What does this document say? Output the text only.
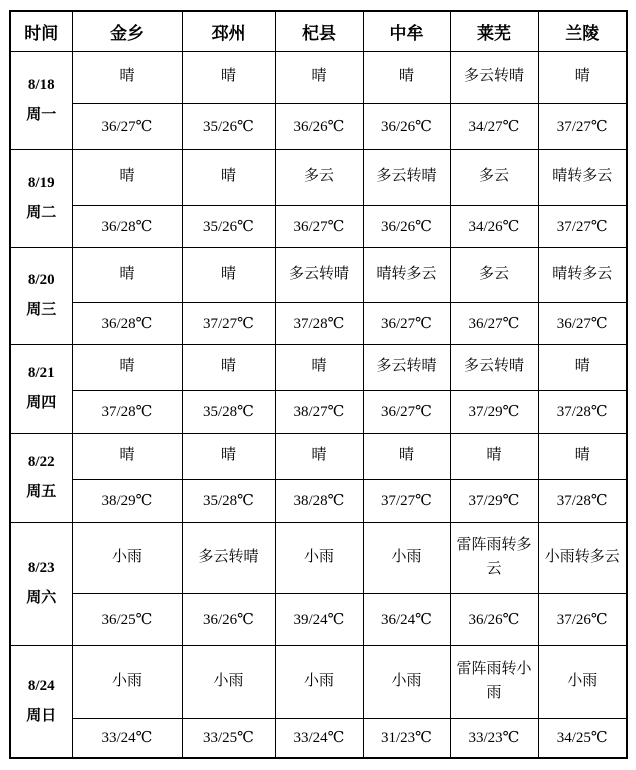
时间	金乡	邳州	杞县	中牟	莱芜	兰陵

8/18
周一	晴	晴	晴	晴	多云转晴	晴
	36/27℃	35/26℃	36/26℃	36/26℃	34/27℃	37/27℃

8/19
周二	晴	晴	多云	多云转晴	多云	晴转多云
	36/28℃	35/26℃	36/27℃	36/26℃	34/26℃	37/27℃

8/20
周三	晴	晴	多云转晴	晴转多云	多云	晴转多云
	36/28℃	37/27℃	37/28℃	36/27℃	36/27℃	36/27℃

8/21
周四	晴	晴	晴	多云转晴	多云转晴	晴
	37/28℃	35/28℃	38/27℃	36/27℃	37/29℃	37/28℃

8/22
周五	晴	晴	晴	晴	晴	晴
	38/29℃	35/28℃	38/28℃	37/27℃	37/29℃	37/28℃

8/23
周六	小雨	多云转晴	小雨	小雨	雷阵雨转多云	小雨转多云
	36/25℃	36/26℃	39/24℃	36/24℃	36/26℃	37/26℃

8/24
周日	小雨	小雨	小雨	小雨	雷阵雨转小雨	小雨
	33/24℃	33/25℃	33/24℃	31/23℃	33/23℃	34/25℃
